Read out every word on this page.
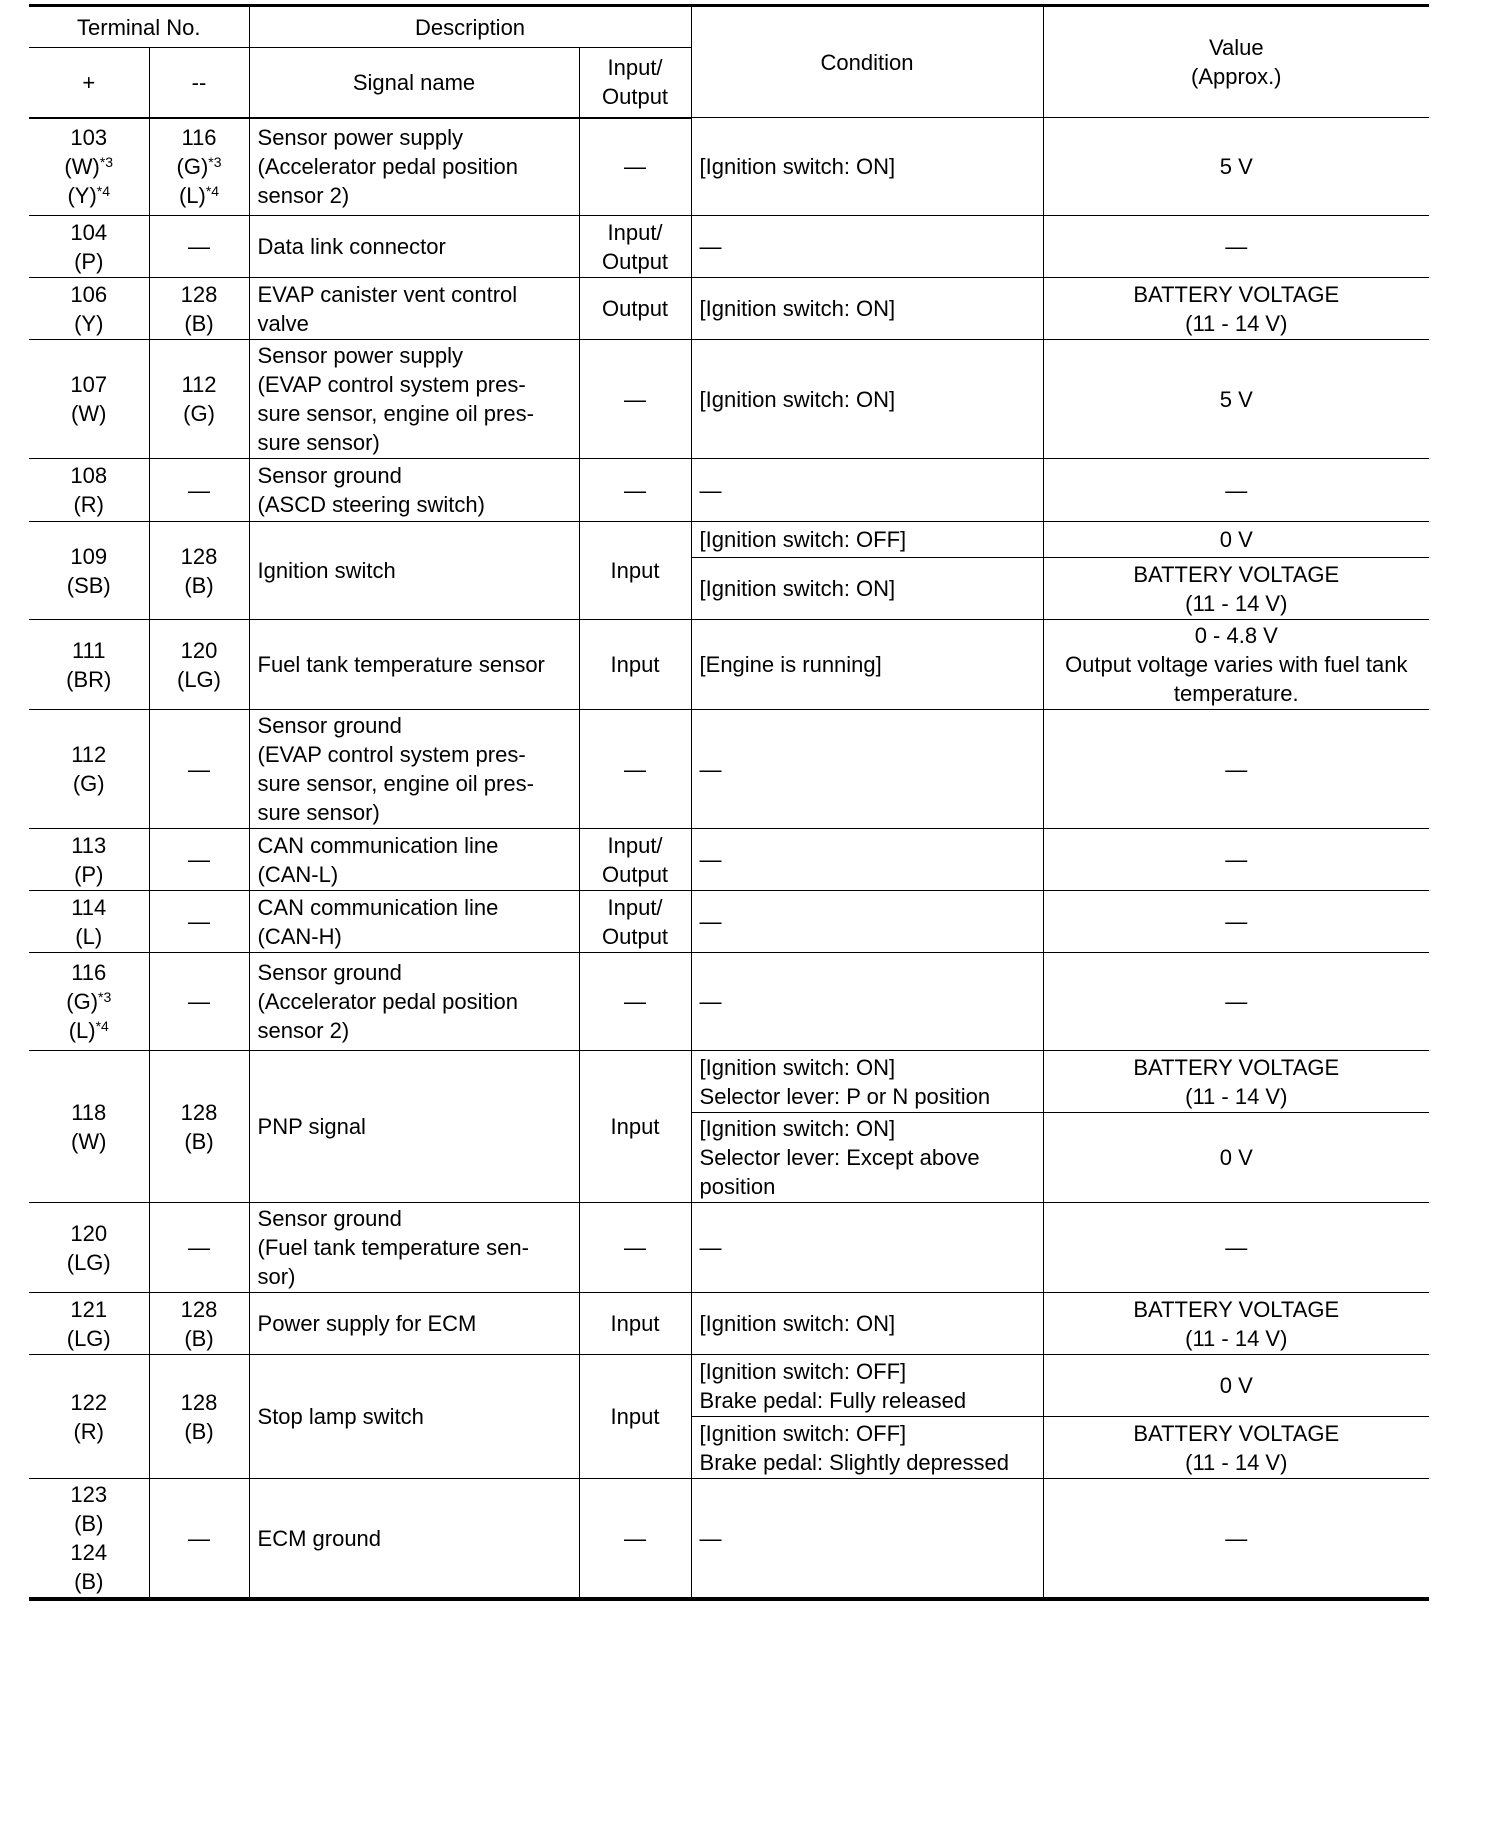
Terminal No.		Description		Condition	Value
(Approx.)

+	--	Signal name	Input/
Output		

103
$(W)^{*3}$
$(Y)^{*4}$	116
$(G)^{*3}$
$(L)^{*4}$	Sensor power supply
(Accelerator pedal position
sensor 2)	—	[Ignition switch: ON]	5 V

104
(P)	—	Data link connector	Input/
Output	—	—

106
(Y)	128
(B)	EVAP canister vent control
valve	Output	[Ignition switch: ON]	BATTERY VOLTAGE
(11 - 14 V)

107
(W)	112
(G)	Sensor power supply
(EVAP control system pres-
sure sensor, engine oil pres-
sure sensor)	—	[Ignition switch: ON]	5 V

108
(R)	—	Sensor ground
(ASCD steering switch)	—	—	—

109
(SB)	128
(B)	Ignition switch	Input	[Ignition switch: OFF]	0 V

				[Ignition switch: ON]	BATTERY VOLTAGE
(11 - 14 V)

111
(BR)	120
(LG)	Fuel tank temperature sensor	Input	[Engine is running]	0 - 4.8 V
Output voltage varies with fuel tank
temperature.

112
(G)	—	Sensor ground
(EVAP control system pres-
sure sensor, engine oil pres-
sure sensor)	—	—	—

113
(P)	—	CAN communication line
(CAN-L)	Input/
Output	—	—

114
(L)	—	CAN communication line
(CAN-H)	Input/
Output	—	—

116
$(G)^{*3}$
$(L)^{*4}$	—	Sensor ground
(Accelerator pedal position
sensor 2)	—	—	—

118
(W)	128
(B)	PNP signal	Input	[Ignition switch: ON]
Selector lever: P or N position	BATTERY VOLTAGE
(11 - 14 V)

				[Ignition switch: ON]
Selector lever: Except above
position	0 V

120
(LG)	—	Sensor ground
(Fuel tank temperature sen-
sor)	—	—	—

121
(LG)	128
(B)	Power supply for ECM	Input	[Ignition switch: ON]	BATTERY VOLTAGE
(11 - 14 V)

122
(R)	128
(B)	Stop lamp switch	Input	[Ignition switch: OFF]
Brake pedal: Fully released	0 V

				[Ignition switch: OFF]
Brake pedal: Slightly depressed	BATTERY VOLTAGE
(11 - 14 V)

123
(B)
124
(B)	—	ECM ground	—	—	—
